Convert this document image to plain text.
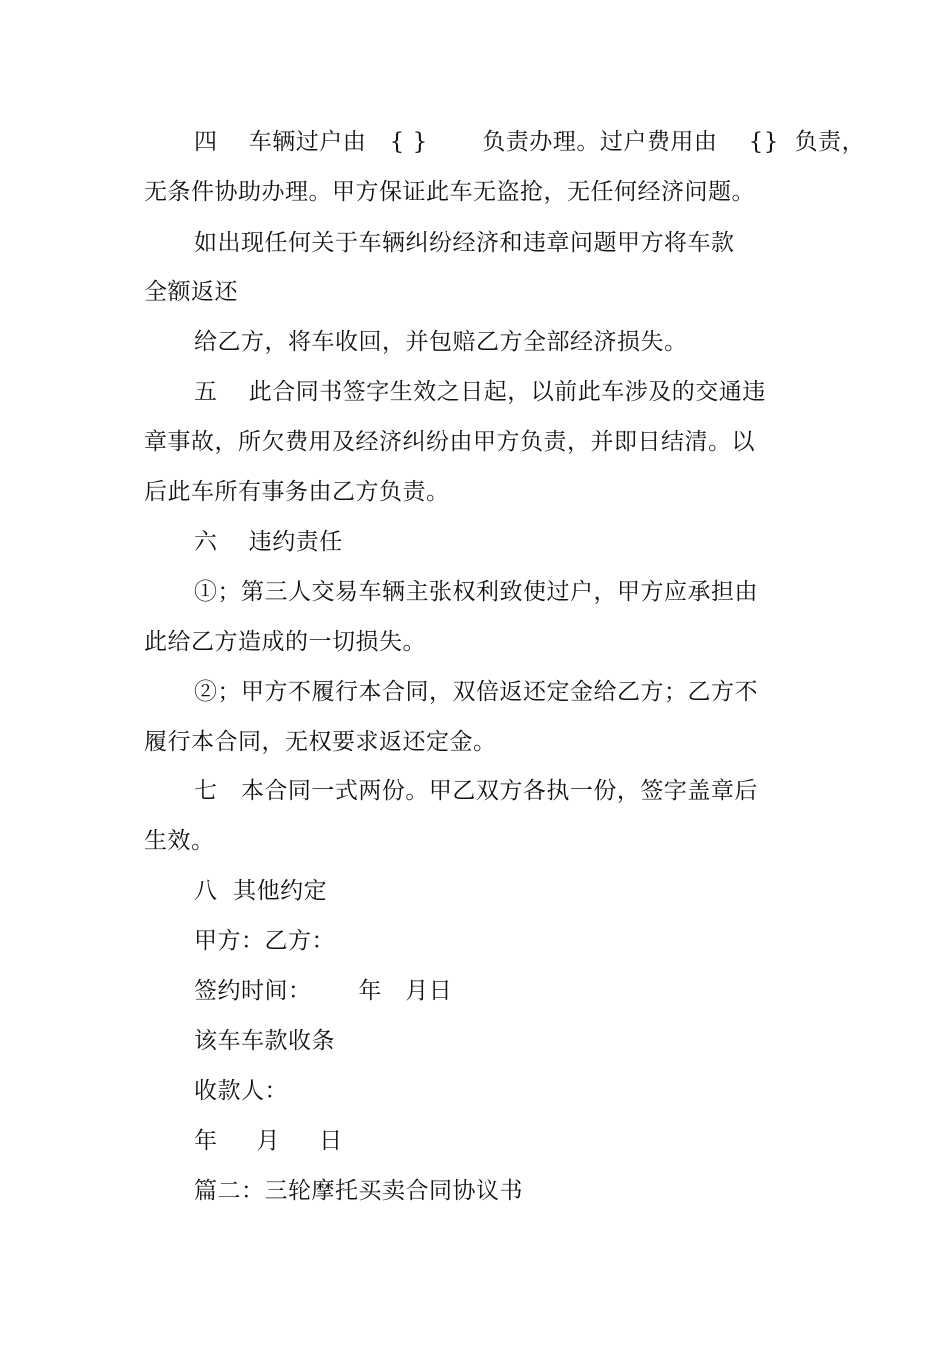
四    车辆过户由   { }       负责办理。过户费用由    {}  负责，
无条件协助办理。甲方保证此车无盗抢，无任何经济问题。
如出现任何关于车辆纠纷经济和违章问题甲方将车款
全额返还
给乙方，将车收回，并包赔乙方全部经济损失。
五    此合同书签字生效之日起，以前此车涉及的交通违
章事故，所欠费用及经济纠纷由甲方负责，并即日结清。以
后此车所有事务由乙方负责。
六    违约责任
①；第三人交易车辆主张权利致使过户，甲方应承担由
此给乙方造成的一切损失。
②；甲方不履行本合同，双倍返还定金给乙方；乙方不
履行本合同，无权要求返还定金。
七   本合同一式两份。甲乙双方各执一份，签字盖章后
生效。
八  其他约定
甲方：乙方：
签约时间：      年   月日
该车车款收条
收款人：
年     月     日
篇二：三轮摩托买卖合同协议书
